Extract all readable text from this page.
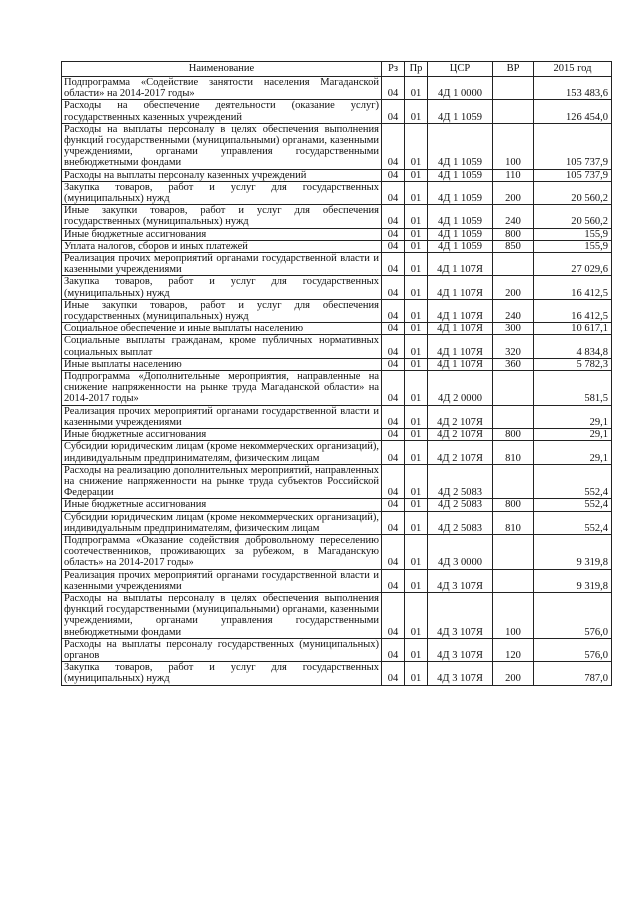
Наименование	Рз	Пр	ЦСР	ВР	2015 год
Подпрограмма «Содействие занятости населения Магаданской области» на 2014-2017 годы»	04	01	4Д 1 0000		153 483,6
Расходы на обеспечение деятельности (оказание услуг) государственных казенных учреждений	04	01	4Д 1 1059		126 454,0
Расходы на выплаты персоналу в целях обеспечения выполнения функций государственными (муниципальными) органами, казенными учреждениями, органами управления государственными внебюджетными фондами	04	01	4Д 1 1059	100	105 737,9
Расходы на выплаты персоналу казенных учреждений	04	01	4Д 1 1059	110	105 737,9
Закупка товаров, работ и услуг для государственных (муниципальных) нужд	04	01	4Д 1 1059	200	20 560,2
Иные закупки товаров, работ и услуг для обеспечения государственных (муниципальных) нужд	04	01	4Д 1 1059	240	20 560,2
Иные бюджетные ассигнования	04	01	4Д 1 1059	800	155,9
Уплата налогов, сборов и иных платежей	04	01	4Д 1 1059	850	155,9
Реализация прочих мероприятий органами государственной власти и казенными учреждениями	04	01	4Д 1 107Я		27 029,6
Закупка товаров, работ и услуг для государственных (муниципальных) нужд	04	01	4Д 1 107Я	200	16 412,5
Иные закупки товаров, работ и услуг для обеспечения государственных (муниципальных) нужд	04	01	4Д 1 107Я	240	16 412,5
Социальное обеспечение и иные выплаты населению	04	01	4Д 1 107Я	300	10 617,1
Социальные выплаты гражданам, кроме публичных нормативных социальных выплат	04	01	4Д 1 107Я	320	4 834,8
Иные выплаты населению	04	01	4Д 1 107Я	360	5 782,3
Подпрограмма «Дополнительные мероприятия, направленные на снижение напряженности на рынке труда Магаданской области» на 2014-2017 годы»	04	01	4Д 2 0000		581,5
Реализация прочих мероприятий органами государственной власти и казенными учреждениями	04	01	4Д 2 107Я		29,1
Иные бюджетные ассигнования	04	01	4Д 2 107Я	800	29,1
Субсидии юридическим лицам (кроме некоммерческих организаций), индивидуальным предпринимателям, физическим лицам	04	01	4Д 2 107Я	810	29,1
Расходы на реализацию дополнительных мероприятий, направленных на снижение напряженности на рынке труда субъектов Российской Федерации	04	01	4Д 2 5083		552,4
Иные бюджетные ассигнования	04	01	4Д 2 5083	800	552,4
Субсидии юридическим лицам (кроме некоммерческих организаций), индивидуальным предпринимателям, физическим лицам	04	01	4Д 2 5083	810	552,4
Подпрограмма «Оказание содействия добровольному переселению соотечественников, проживающих за рубежом, в Магаданскую область» на 2014-2017 годы»	04	01	4Д 3 0000		9 319,8
Реализация прочих мероприятий органами государственной власти и казенными учреждениями	04	01	4Д 3 107Я		9 319,8
Расходы на выплаты персоналу в целях обеспечения выполнения функций государственными (муниципальными) органами, казенными учреждениями, органами управления государственными внебюджетными фондами	04	01	4Д 3 107Я	100	576,0
Расходы на выплаты персоналу государственных (муниципальных) органов	04	01	4Д 3 107Я	120	576,0
Закупка товаров, работ и услуг для государственных (муниципальных) нужд	04	01	4Д 3 107Я	200	787,0
